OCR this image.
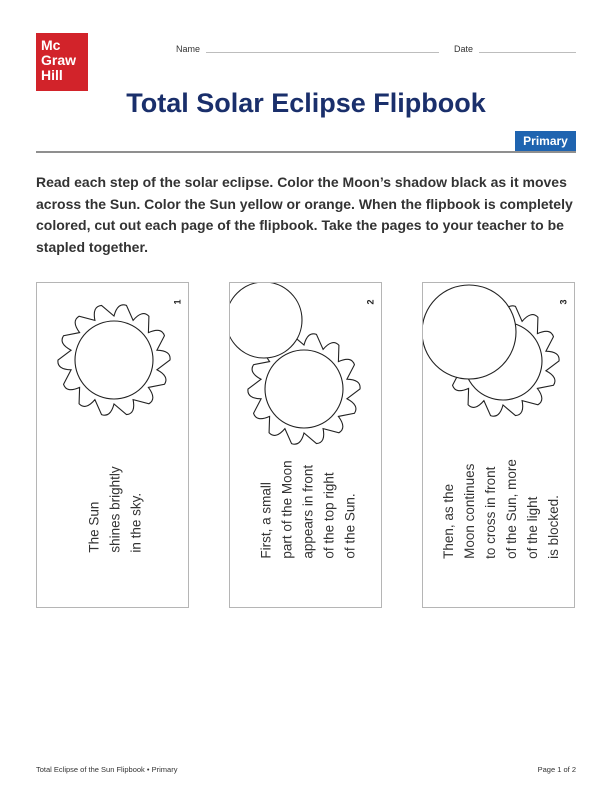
Mc
Graw
Hill
Name	Date
Total Solar Eclipse Flipbook
Primary

Read each step of the solar eclipse. Color the Moon’s shadow black as it moves across the Sun. Color the Sun yellow or orange. When the flipbook is completely colored, cut out each page of the flipbook. Take the pages to your teacher to be stapled together.

1
The Sun
shines brightly
in the sky.
2
First, a small
part of the Moon
appears in front
of the top right
of the Sun.
3
Then, as the
Moon continues
to cross in front
of the Sun, more
of the light
is blocked.
Total Eclipse of the Sun Flipbook • Primary	Page 1 of 2
